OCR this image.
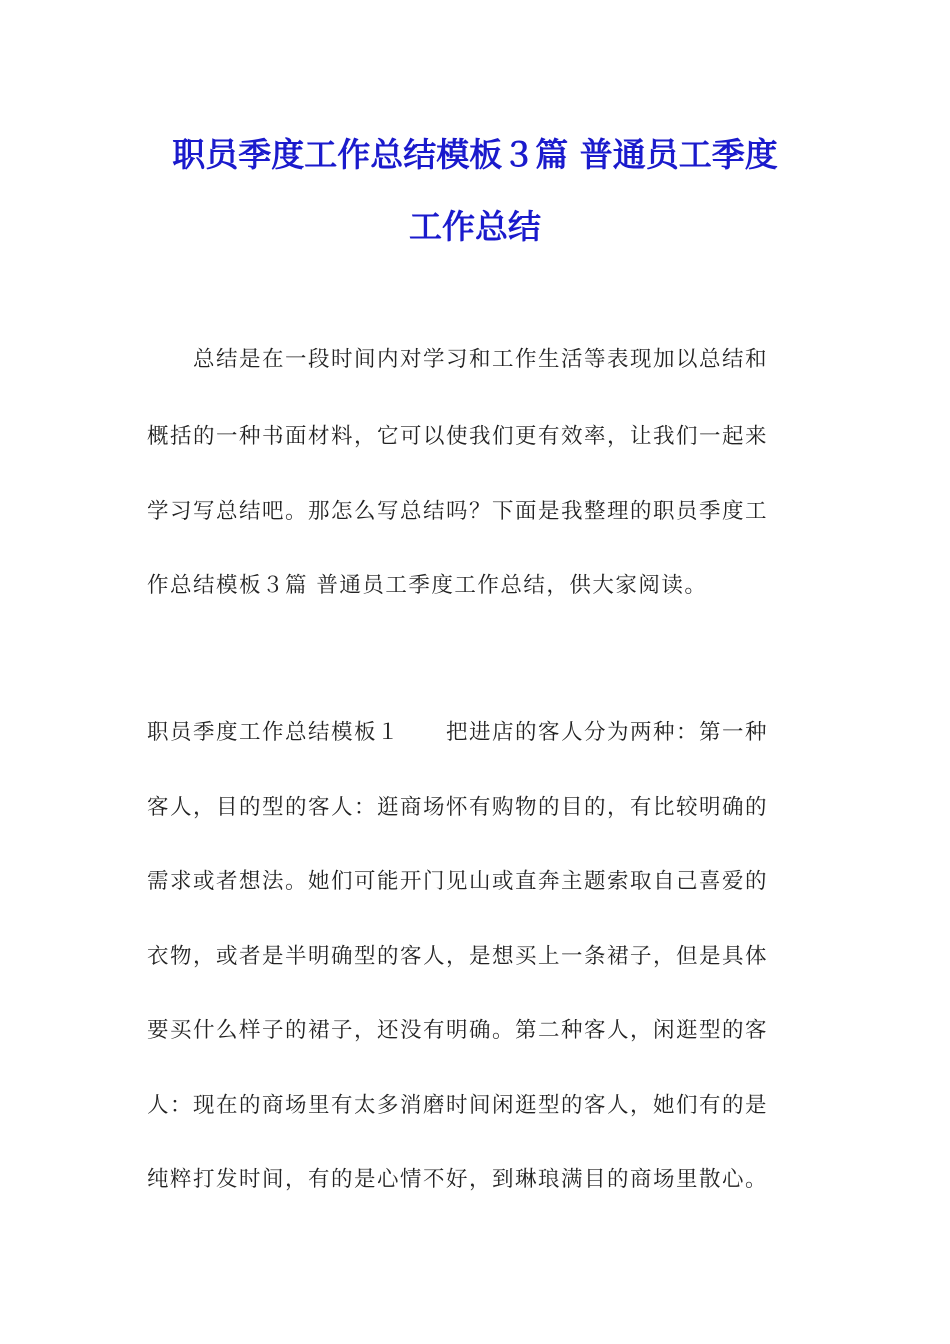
职员季度工作总结模板３篇 普通员工季度
工作总结

总结是在一段时间内对学习和工作生活等表现加以总结和

概括的一种书面材料，它可以使我们更有效率，让我们一起来

学习写总结吧。那怎么写总结吗？下面是我整理的职员季度工

作总结模板３篇 普通员工季度工作总结，供大家阅读。

职员季度工作总结模板１　　把进店的客人分为两种：第一种

客人，目的型的客人：逛商场怀有购物的目的，有比较明确的

需求或者想法。她们可能开门见山或直奔主题索取自己喜爱的

衣物，或者是半明确型的客人，是想买上一条裙子，但是具体

要买什么样子的裙子，还没有明确。第二种客人，闲逛型的客

人：现在的商场里有太多消磨时间闲逛型的客人，她们有的是

纯粹打发时间，有的是心情不好，到琳琅满目的商场里散心。
